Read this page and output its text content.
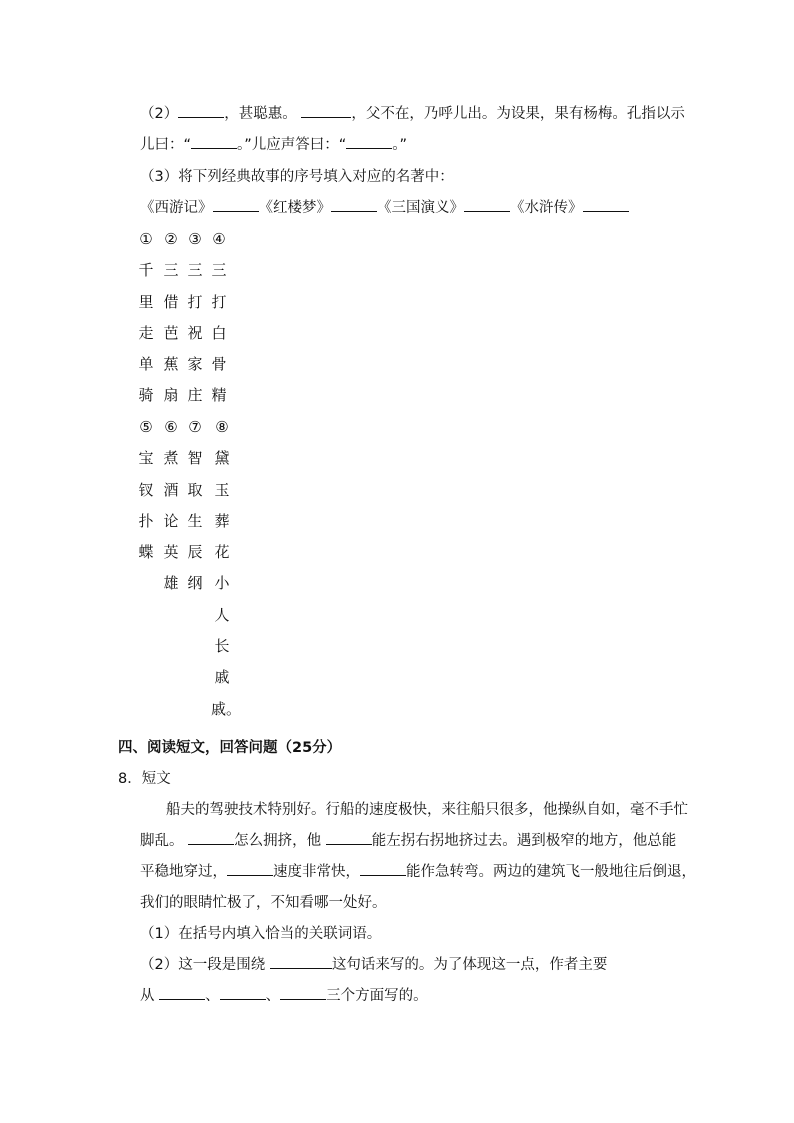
（2）	，甚聪惠。	，父不在，乃呼儿出。为设果，果有杨梅。孔指以示
儿曰：“	。”儿应声答曰：“	。”
（3）将下列经典故事的序号填入对应的名著中：
《西游记》	《红楼梦》	《三国演义》	《水浒传》
①
千
里
走
单
骑
②
三
借
芭
蕉
扇
③
三
打
祝
家
庄
④
三
打
白
骨
精
⑤
宝
钗
扑
蝶
⑥
煮
酒
论
英
雄
⑦
智
取
生
辰
纲
⑧
黛
玉
葬
花
小
人
长
戚
戚。
四、阅读短文，回答问题（25分）
8．短文
船夫的驾驶技术特别好。行船的速度极快，来往船只很多，他操纵自如，毫不手忙
脚乱。	怎么拥挤，他	能左拐右拐地挤过去。遇到极窄的地方，他总能
平稳地穿过，	速度非常快，	能作急转弯。两边的建筑飞一般地往后倒退，
我们的眼睛忙极了，不知看哪一处好。
（1）在括号内填入恰当的关联词语。
（2）这一段是围绕	这句话来写的。为了体现这一点，作者主要
从	、	、	三个方面写的。
